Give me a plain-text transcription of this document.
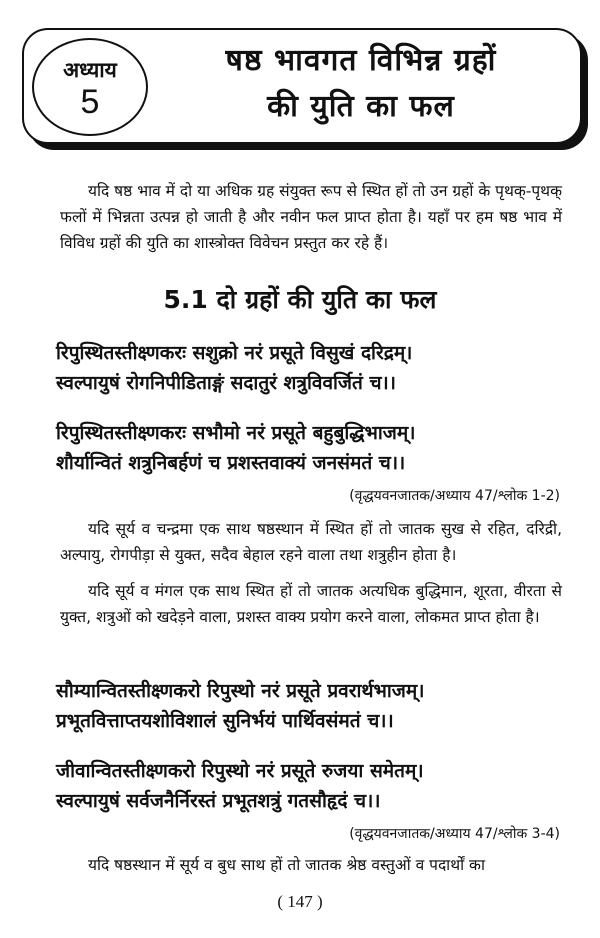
अध्याय
5
षष्ठ भावगत विभिन्न ग्रहों
की युति का फल

यदि षष्ठ भाव में दो या अधिक ग्रह संयुक्त रूप से स्थित हों तो उन ग्रहों के पृथक्-पृथक् फलों में भिन्नता उत्पन्न हो जाती है और नवीन फल प्राप्त होता है। यहाँ पर हम षष्ठ भाव में विविध ग्रहों की युति का शास्त्रोक्त विवेचन प्रस्तुत कर रहे हैं।

5.1 दो ग्रहों की युति का फल
रिपुस्थितस्तीक्ष्णकरः सशुक्रो नरं प्रसूते विसुखं दरिद्रम्।
स्वल्पायुषं रोगनिपीडिताङ्गं सदातुरं शत्रुविवर्जितं च।।
रिपुस्थितस्तीक्ष्णकरः सभौमो नरं प्रसूते बहुबुद्धिभाजम्।
शौर्यान्वितं शत्रुनिबर्हणं च प्रशस्तवाक्यं जनसंमतं च।।
(वृद्धयवनजातक/अध्याय 47/श्लोक 1-2)

यदि सूर्य व चन्द्रमा एक साथ षष्ठस्थान में स्थित हों तो जातक सुख से रहित, दरिद्री, अल्पायु, रोगपीड़ा से युक्त, सदैव बेहाल रहने वाला तथा शत्रुहीन होता है।

यदि सूर्य व मंगल एक साथ स्थित हों तो जातक अत्यधिक बुद्धिमान, शूरता, वीरता से युक्त, शत्रुओं को खदेड़ने वाला, प्रशस्त वाक्य प्रयोग करने वाला, लोकमत प्राप्त होता है।

सौम्यान्वितस्तीक्ष्णकरो रिपुस्थो नरं प्रसूते प्रवरार्थभाजम्।
प्रभूतवित्ताप्तयशोविशालं सुनिर्भयं पार्थिवसंमतं च।।
जीवान्वितस्तीक्ष्णकरो रिपुस्थो नरं प्रसूते रुजया समेतम्।
स्वल्पायुषं सर्वजनैर्निरस्तं प्रभूतशत्रुं गतसौहृदं च।।
(वृद्धयवनजातक/अध्याय 47/श्लोक 3-4)

यदि षष्ठस्थान में सूर्य व बुध साथ हों तो जातक श्रेष्ठ वस्तुओं व पदार्थों का

( 147 )
